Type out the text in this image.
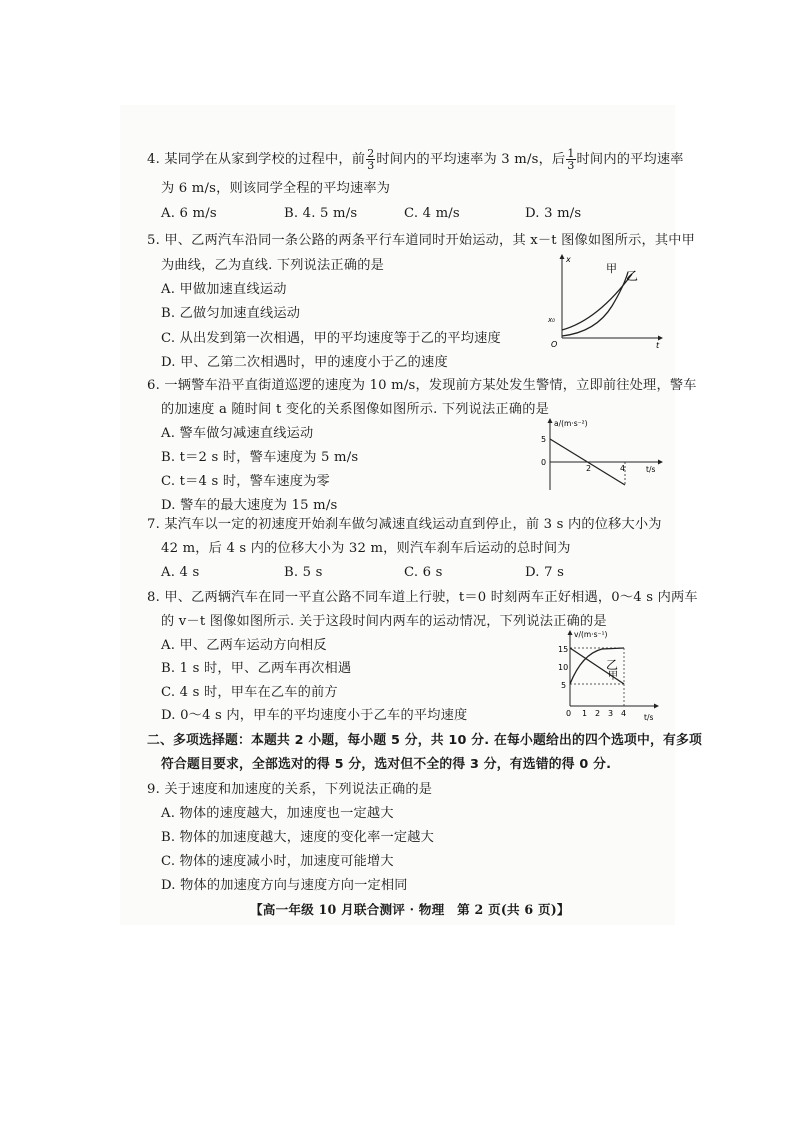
4. 某同学在从家到学校的过程中，前 $\frac{2}{3}$ 时间内的平均速率为 3 m/s，后 $\frac{1}{3}$ 时间内的平均速率
为 6 m/s，则该同学全程的平均速率为
A. 6 m/s	B. 4. 5 m/s	C. 4 m/s	D. 3 m/s
5. 甲、乙两汽车沿同一条公路的两条平行车道同时开始运动，其 x－t 图像如图所示，其中甲
为曲线，乙为直线. 下列说法正确的是
A. 甲做加速直线运动
B. 乙做匀加速直线运动
C. 从出发到第一次相遇，甲的平均速度等于乙的平均速度
D. 甲、乙第二次相遇时，甲的速度小于乙的速度
x
t
O
x₀
甲
乙
6. 一辆警车沿平直街道巡逻的速度为 10 m/s，发现前方某处发生警情，立即前往处理，警车
的加速度 a 随时间 t 变化的关系图像如图所示. 下列说法正确的是
A. 警车做匀减速直线运动
B. t＝2 s 时，警车速度为 5 m/s
C. t＝4 s 时，警车速度为零
D. 警车的最大速度为 15 m/s
a/(m·s⁻²)
t/s
5
0
2	4
7. 某汽车以一定的初速度开始刹车做匀减速直线运动直到停止，前 3 s 内的位移大小为
42 m，后 4 s 内的位移大小为 32 m，则汽车刹车后运动的总时间为
A. 4 s	B. 5 s	C. 6 s	D. 7 s
8. 甲、乙两辆汽车在同一平直公路不同车道上行驶，t＝0 时刻两车正好相遇，0～4 s 内两车
的 v－t 图像如图所示. 关于这段时间内两车的运动情况，下列说法正确的是
A. 甲、乙两车运动方向相反
B. 1 s 时，甲、乙两车再次相遇
C. 4 s 时，甲车在乙车的前方
D. 0～4 s 内，甲车的平均速度小于乙车的平均速度
v/(m·s⁻¹)
t/s
15
10
5
0 1 2 3 4
乙
甲
二、多项选择题：本题共 2 小题，每小题 5 分，共 10 分. 在每小题给出的四个选项中，有多项
符合题目要求，全部选对的得 5 分，选对但不全的得 3 分，有选错的得 0 分.
9. 关于速度和加速度的关系，下列说法正确的是
A. 物体的速度越大，加速度也一定越大
B. 物体的加速度越大，速度的变化率一定越大
C. 物体的速度减小时，加速度可能增大
D. 物体的加速度方向与速度方向一定相同
【高一年级 10 月联合测评 · 物理　第 2 页(共 6 页)】
